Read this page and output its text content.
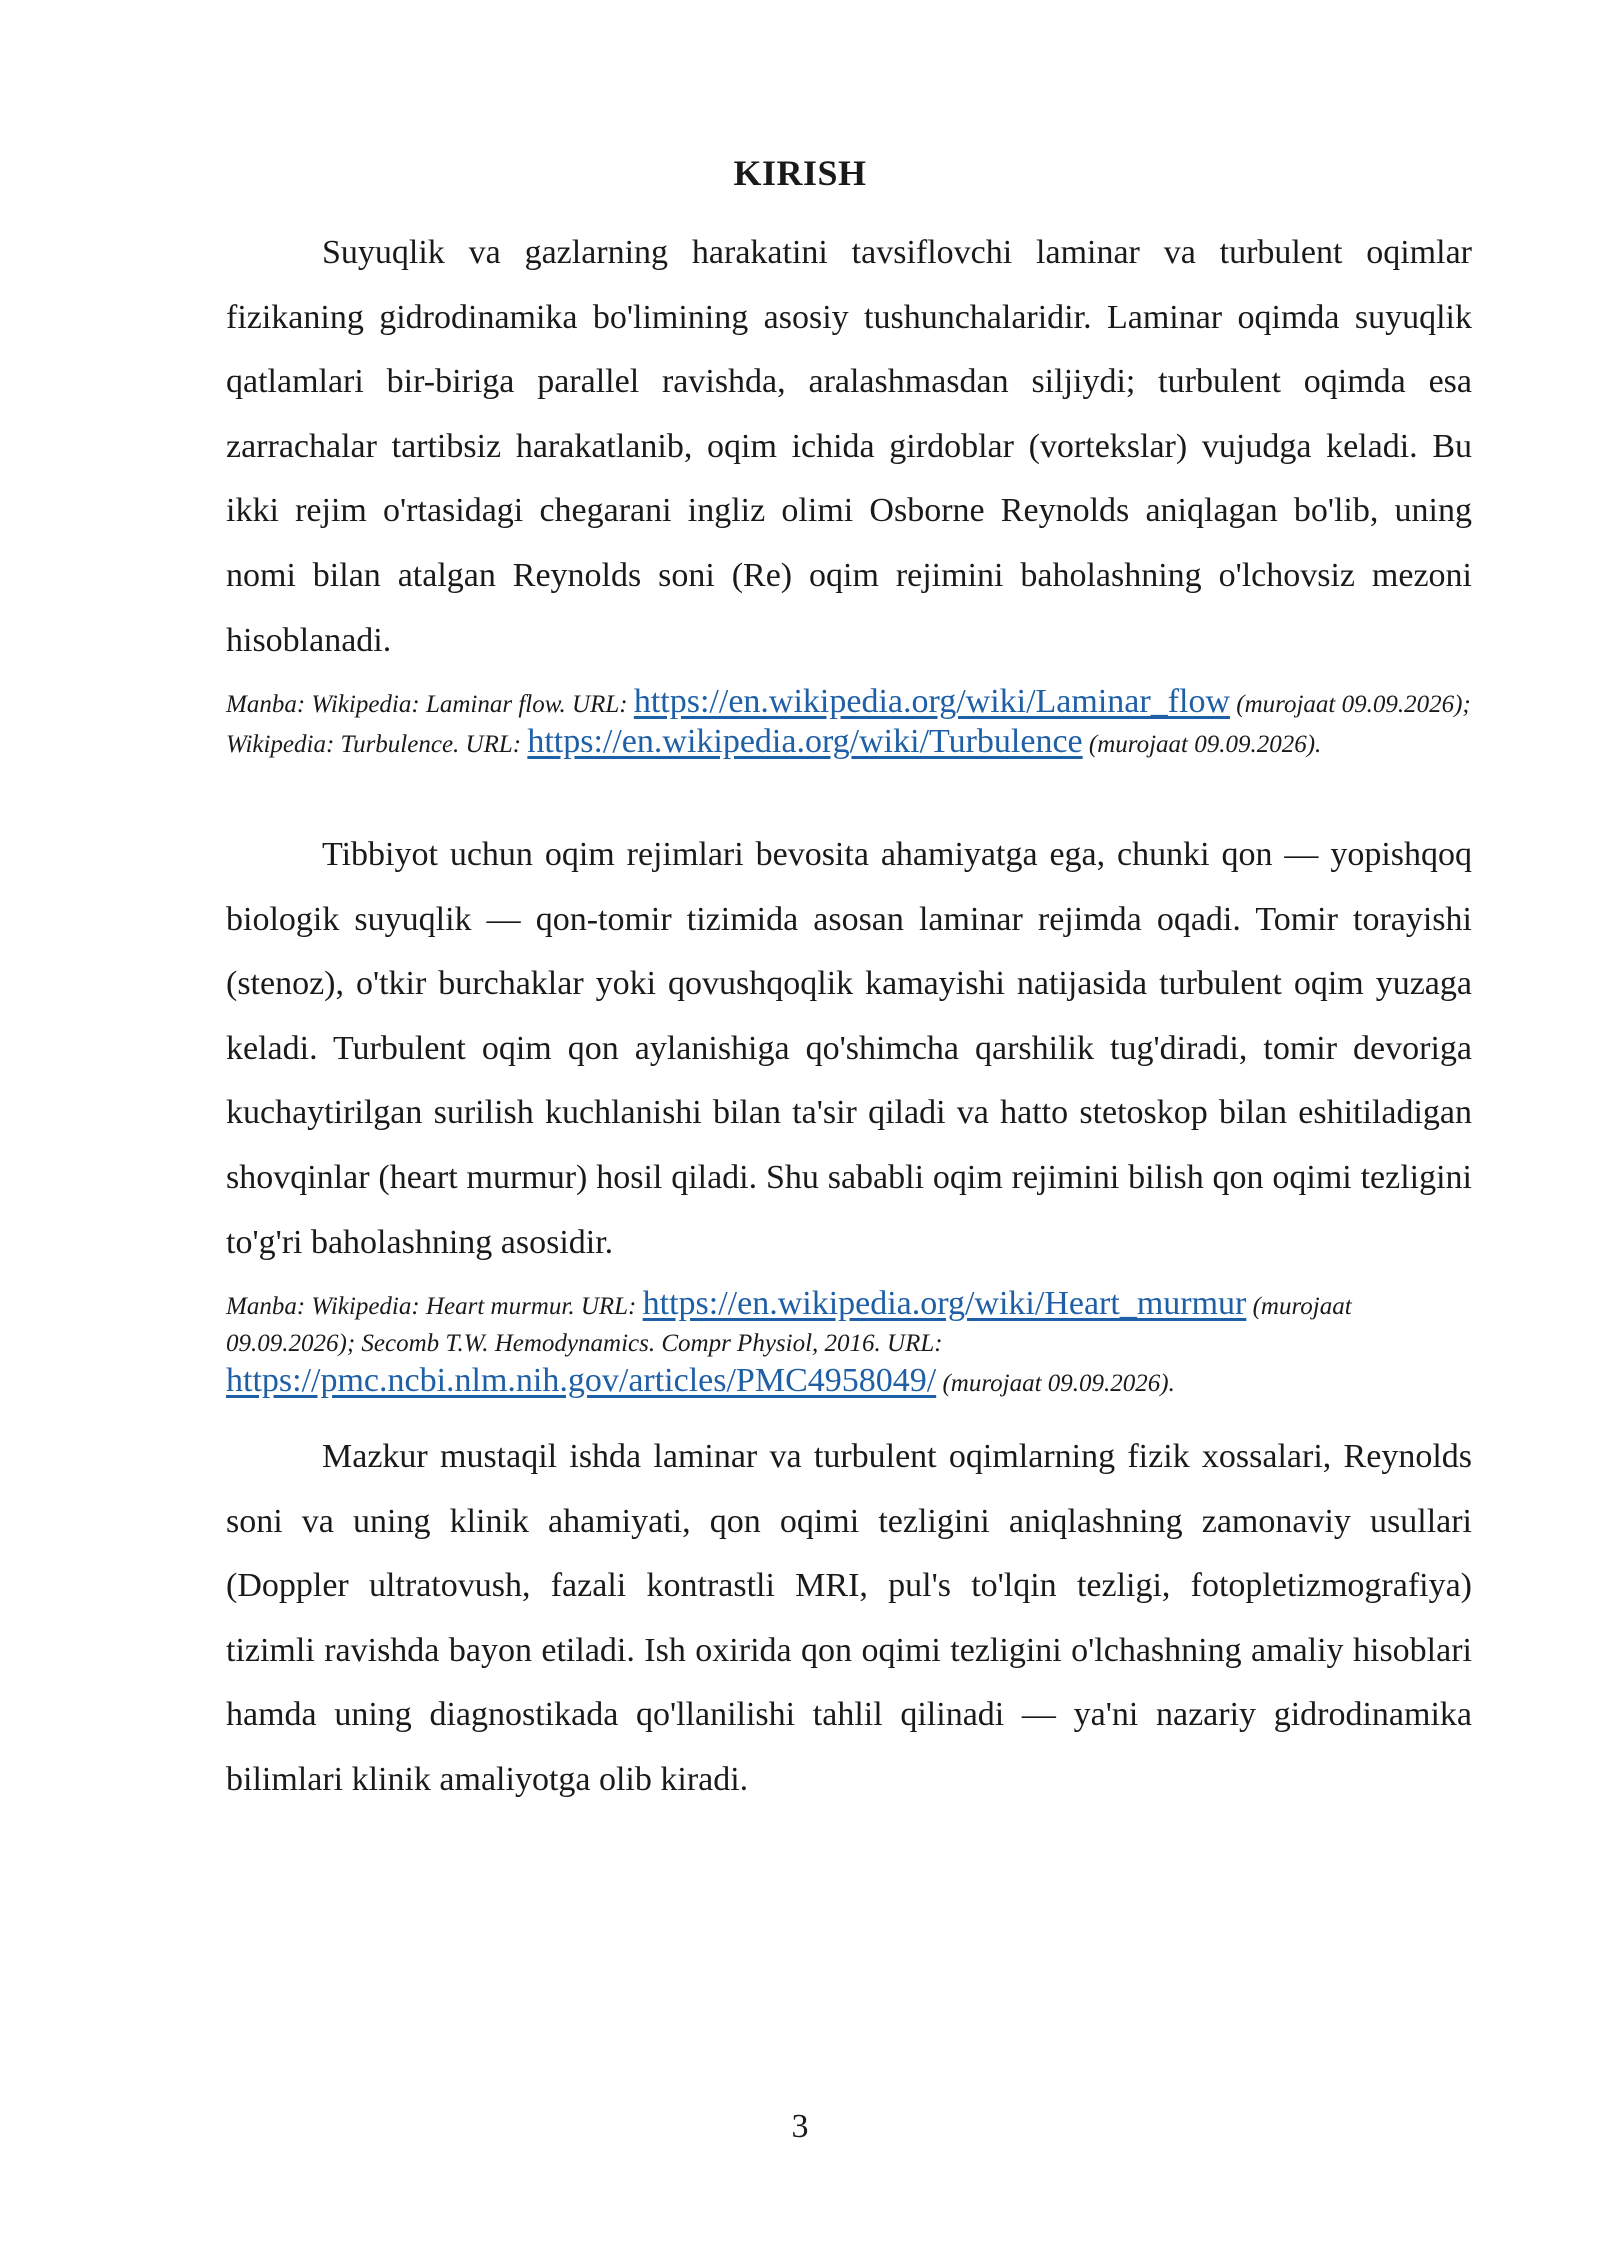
KIRISH

Suyuqlik va gazlarning harakatini tavsiflovchi laminar va turbulent oqimlar fizikaning gidrodinamika bo'limining asosiy tushunchalaridir. Laminar oqimda suyuqlik qatlamlari bir-biriga parallel ravishda, aralashmasdan siljiydi; turbulent oqimda esa zarrachalar tartibsiz harakatlanib, oqim ichida girdoblar (vortekslar) vujudga keladi. Bu ikki rejim o'rtasidagi chegarani ingliz olimi Osborne Reynolds aniqlagan bo'lib, uning nomi bilan atalgan Reynolds soni (Re) oqim rejimini baholashning o'lchovsiz mezoni hisoblanadi.

Manba: Wikipedia: Laminar flow. URL: https://en.wikipedia.org/wiki/Laminar_flow (murojaat 09.09.2026); Wikipedia: Turbulence. URL: https://en.wikipedia.org/wiki/Turbulence (murojaat 09.09.2026).

Tibbiyot uchun oqim rejimlari bevosita ahamiyatga ega, chunki qon — yopishqoq biologik suyuqlik — qon-tomir tizimida asosan laminar rejimda oqadi. Tomir torayishi (stenoz), o'tkir burchaklar yoki qovushqoqlik kamayishi natijasida turbulent oqim yuzaga keladi. Turbulent oqim qon aylanishiga qo'shimcha qarshilik tug'diradi, tomir devoriga kuchaytirilgan surilish kuchlanishi bilan ta'sir qiladi va hatto stetoskop bilan eshitiladigan shovqinlar (heart murmur) hosil qiladi. Shu sababli oqim rejimini bilish qon oqimi tezligini to'g'ri baholashning asosidir.

Manba: Wikipedia: Heart murmur. URL: https://en.wikipedia.org/wiki/Heart_murmur (murojaat 09.09.2026); Secomb T.W. Hemodynamics. Compr Physiol, 2016. URL: https://pmc.ncbi.nlm.nih.gov/articles/PMC4958049/ (murojaat 09.09.2026).

Mazkur mustaqil ishda laminar va turbulent oqimlarning fizik xossalari, Reynolds soni va uning klinik ahamiyati, qon oqimi tezligini aniqlashning zamonaviy usullari (Doppler ultratovush, fazali kontrastli MRI, pul's to'lqin tezligi, fotopletizmografiya) tizimli ravishda bayon etiladi. Ish oxirida qon oqimi tezligini o'lchashning amaliy hisoblari hamda uning diagnostikada qo'llanilishi tahlil qilinadi — ya'ni nazariy gidrodinamika bilimlari klinik amaliyotga olib kiradi.

3
